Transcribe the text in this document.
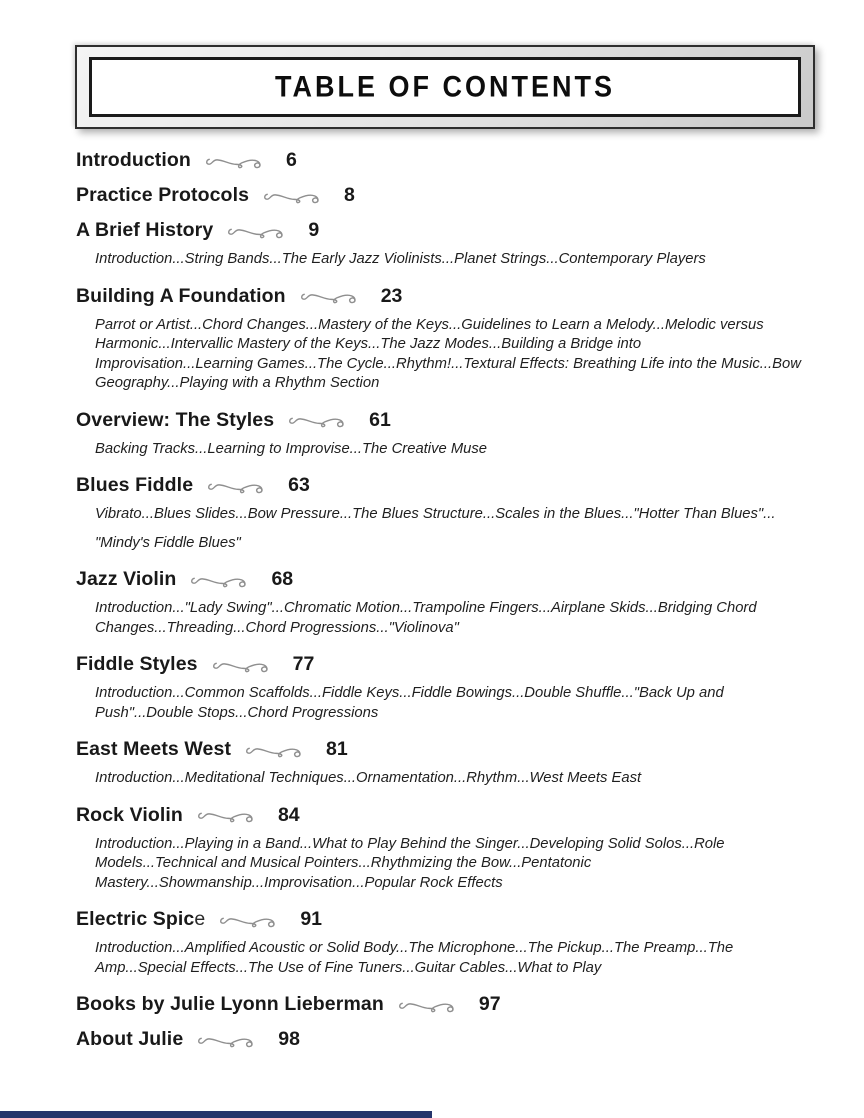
TABLE OF CONTENTS
Introduction	6
Practice Protocols	8
A Brief History	9

Introduction...String Bands...The Early Jazz Violinists...Planet Strings...Contemporary Players

Building A Foundation	23

Parrot or Artist...Chord Changes...Mastery of the Keys...Guidelines to Learn a Melody...Melodic versus Harmonic...Intervallic Mastery of the Keys...The Jazz Modes...Building a Bridge into Improvisation...Learning Games...The Cycle...Rhythm!...Textural Effects: Breathing Life into the Music...Bow Geography...Playing with a Rhythm Section

Overview: The Styles	61

Backing Tracks...Learning to Improvise...The Creative Muse

Blues Fiddle	63

Vibrato...Blues Slides...Bow Pressure...The Blues Structure...Scales in the Blues..."Hotter Than Blues"...

"Mindy's Fiddle Blues"

Jazz Violin	68

Introduction..."Lady Swing"...Chromatic Motion...Trampoline Fingers...Airplane Skids...Bridging Chord Changes...Threading...Chord Progressions..."Violinova"

Fiddle Styles	77

Introduction...Common Scaffolds...Fiddle Keys...Fiddle Bowings...Double Shuffle..."Back Up and Push"...Double Stops...Chord Progressions

East Meets West	81

Introduction...Meditational Techniques...Ornamentation...Rhythm...West Meets East

Rock Violin	84

Introduction...Playing in a Band...What to Play Behind the Singer...Developing Solid Solos...Role Models...Technical and Musical Pointers...Rhythmizing the Bow...Pentatonic Mastery...Showmanship...Improvisation...Popular Rock Effects

Electric Spice	91

Introduction...Amplified Acoustic or Solid Body...The Microphone...The Pickup...The Preamp...The Amp...Special Effects...The Use of Fine Tuners...Guitar Cables...What to Play

Books by Julie Lyonn Lieberman	97
About Julie	98
